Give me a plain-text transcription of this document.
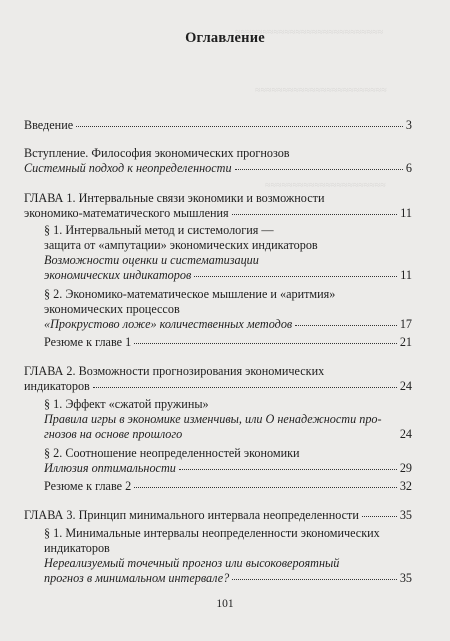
≈≈≈≈≈≈≈≈≈≈≈≈≈≈≈≈≈≈≈≈≈≈≈≈≈≈≈
≈≈≈≈≈≈≈≈≈≈≈≈≈≈≈≈≈≈≈≈≈≈≈≈
≈≈≈≈≈≈≈≈≈≈≈≈≈≈≈≈≈≈≈≈≈≈
Оглавление
Введение	3
Вступление. Философия экономических прогнозов
Системный подход к неопределенности	6
ГЛАВА 1. Интервальные связи экономики и возможности
экономико-математического мышления	11
§ 1. Интервальный метод и системология —
защита от «ампутации» экономических индикаторов
Возможности оценки и систематизации
экономических индикаторов	11
§ 2. Экономико-математическое мышление и «аритмия»
экономических процессов
«Прокрустово ложе» количественных методов	17
Резюме к главе 1	21
ГЛАВА 2. Возможности прогнозирования экономических
индикаторов	24
§ 1. Эффект «сжатой пружины»
Правила игры в экономике изменчивы, или О ненадежности про-
гнозов на основе прошлого	24
§ 2. Соотношение неопределенностей экономики
Иллюзия оптимальности	29
Резюме к главе 2	32
ГЛАВА 3. Принцип минимального интервала неопределенности	35
§ 1. Минимальные интервалы неопределенности экономических
индикаторов
Нереализуемый точечный прогноз или высоковероятный
прогноз в минимальном интервале?	35
101
